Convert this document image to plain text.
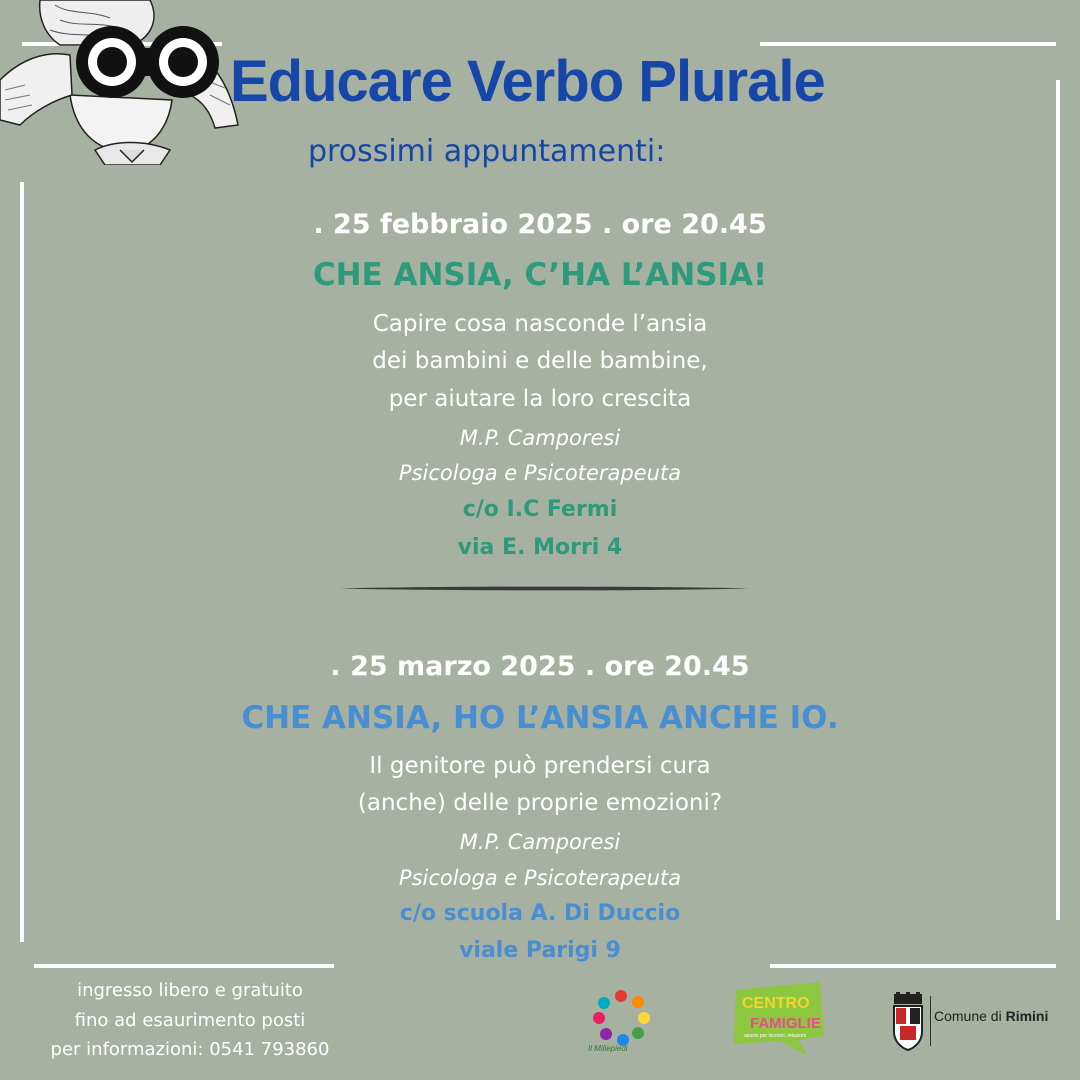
Educare Verbo Plurale
prossimi appuntamenti:
. 25 febbraio 2025 . ore 20.45
CHE ANSIA, C’HA L’ANSIA!
Capire cosa nasconde l’ansia
dei bambini e delle bambine,
per aiutare la loro crescita
M.P. Camporesi
Psicologa e Psicoterapeuta
c/o I.C Fermi
via E. Morri 4
. 25 marzo 2025 . ore 20.45
CHE ANSIA, HO L’ANSIA ANCHE IO.
Il genitore può prendersi cura
(anche) delle proprie emozioni?
M.P. Camporesi
Psicologa e Psicoterapeuta
c/o scuola A. Di Duccio
viale Parigi 9
ingresso libero e gratuito
fino ad esaurimento posti
per informazioni: 0541 793860	Il Millepiedi
CENTRO
FAMIGLIE
spazio per incontri, relazioni
CENTRO per le FAMIGLIE
Comune di Rimini
